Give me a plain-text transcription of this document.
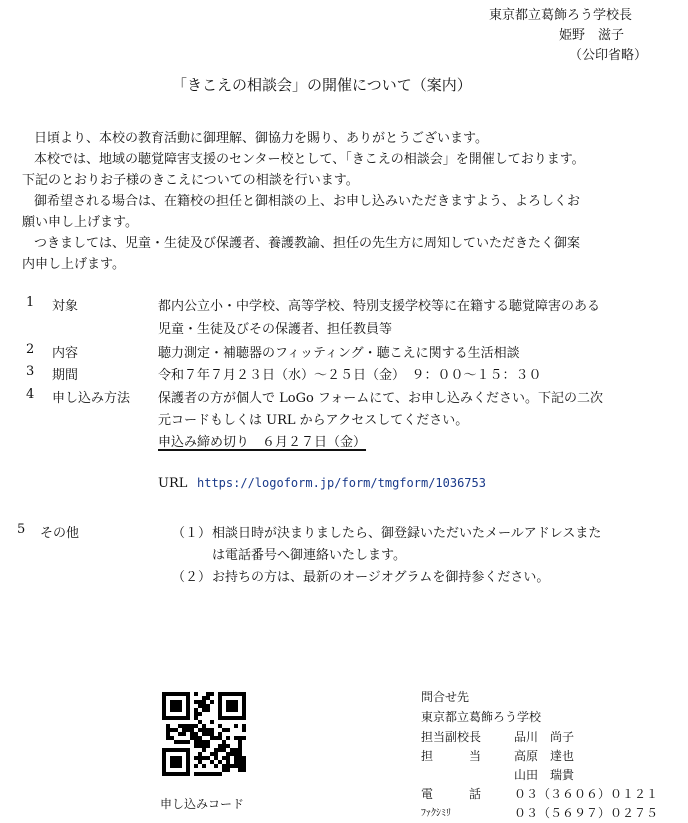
東京都立葛飾ろう学校長
姫野　滋子
（公印省略）
「きこえの相談会」の開催について（案内）
日頃より、本校の教育活動に御理解、御協力を賜り、ありがとうございます。
本校では、地域の聴覚障害支援のセンター校として、「きこえの相談会」を開催しております。
下記のとおりお子様のきこえについての相談を行います。
御希望される場合は、在籍校の担任と御相談の上、お申し込みいただきますよう、よろしくお
願い申し上げます。
つきましては、児童・生徒及び保護者、養護教諭、担任の先生方に周知していただきたく御案
内申し上げます。
1 対象	都内公立小・中学校、高等学校、特別支援学校等に在籍する聴覚障害のある
児童・生徒及びその保護者、担任教員等
2 内容	聴力測定・補聴器のフィッティング・聴こえに関する生活相談
3 期間	令和７年７月２３日（水）～２５日（金）　９：００～１５：３０
4 申し込み方法 保護者の方が個人で LoGo フォームにて、お申し込みください。下記の二次
元コードもしくは URL からアクセスしてください。
申込み締め切り　６月２７日（金）
URL https://logoform.jp/form/tmgform/1036753
5 その他	（１） 相談日時が決まりましたら、御登録いただいたメールアドレスまた
は電話番号へ御連絡いたします。
（２） お持ちの方は、最新のオージオグラムを御持参ください。
申し込みコード
問合せ先
東京都立葛飾ろう学校
担当副校長	品川　尚子
担　　　当	高原　達也
山田　瑞貴
電　　　話	０３（３６０６）０１２１
ﾌｧｸｼﾐﾘ	０３（５６９７）０２７５
